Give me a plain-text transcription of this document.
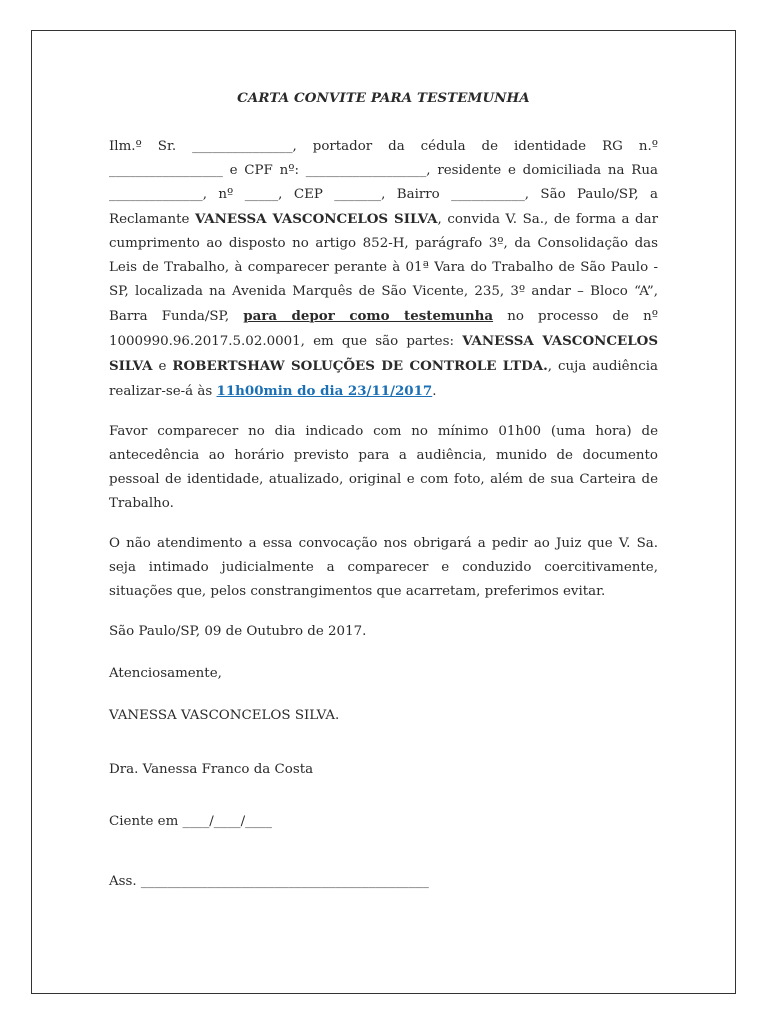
CARTA CONVITE PARA TESTEMUNHA

Ilm.º Sr. _______________, portador da cédula de identidade RG n.º _________________ e CPF nº: __________________, residente e domiciliada na Rua ______________, nº _____, CEP _______, Bairro ___________, São Paulo/SP, a Reclamante VANESSA VASCONCELOS SILVA, convida V. Sa., de forma a dar cumprimento ao disposto no artigo 852-H, parágrafo 3º, da Consolidação das Leis de Trabalho, à comparecer perante à 01ª Vara do Trabalho de São Paulo - SP, localizada na Avenida Marquês de São Vicente, 235, 3º andar – Bloco “A”, Barra Funda/SP, para depor como testemunha no processo de nº 1000990.96.2017.5.02.0001, em que são partes: VANESSA VASCONCELOS SILVA e ROBERTSHAW SOLUÇÕES DE CONTROLE LTDA., cuja audiência realizar-se-á às 11h00min do dia 23/11/2017.

Favor comparecer no dia indicado com no mínimo 01h00 (uma hora) de antecedência ao horário previsto para a audiência, munido de documento pessoal de identidade, atualizado, original e com foto, além de sua Carteira de Trabalho.

O não atendimento a essa convocação nos obrigará a pedir ao Juiz que V. Sa. seja intimado judicialmente a comparecer e conduzido coercitivamente, situações que, pelos constrangimentos que acarretam, preferimos evitar.

São Paulo/SP, 09 de Outubro de 2017.

Atenciosamente,

VANESSA VASCONCELOS SILVA.

Dra. Vanessa Franco da Costa

Ciente em ____/____/____

Ass. ___________________________________________
